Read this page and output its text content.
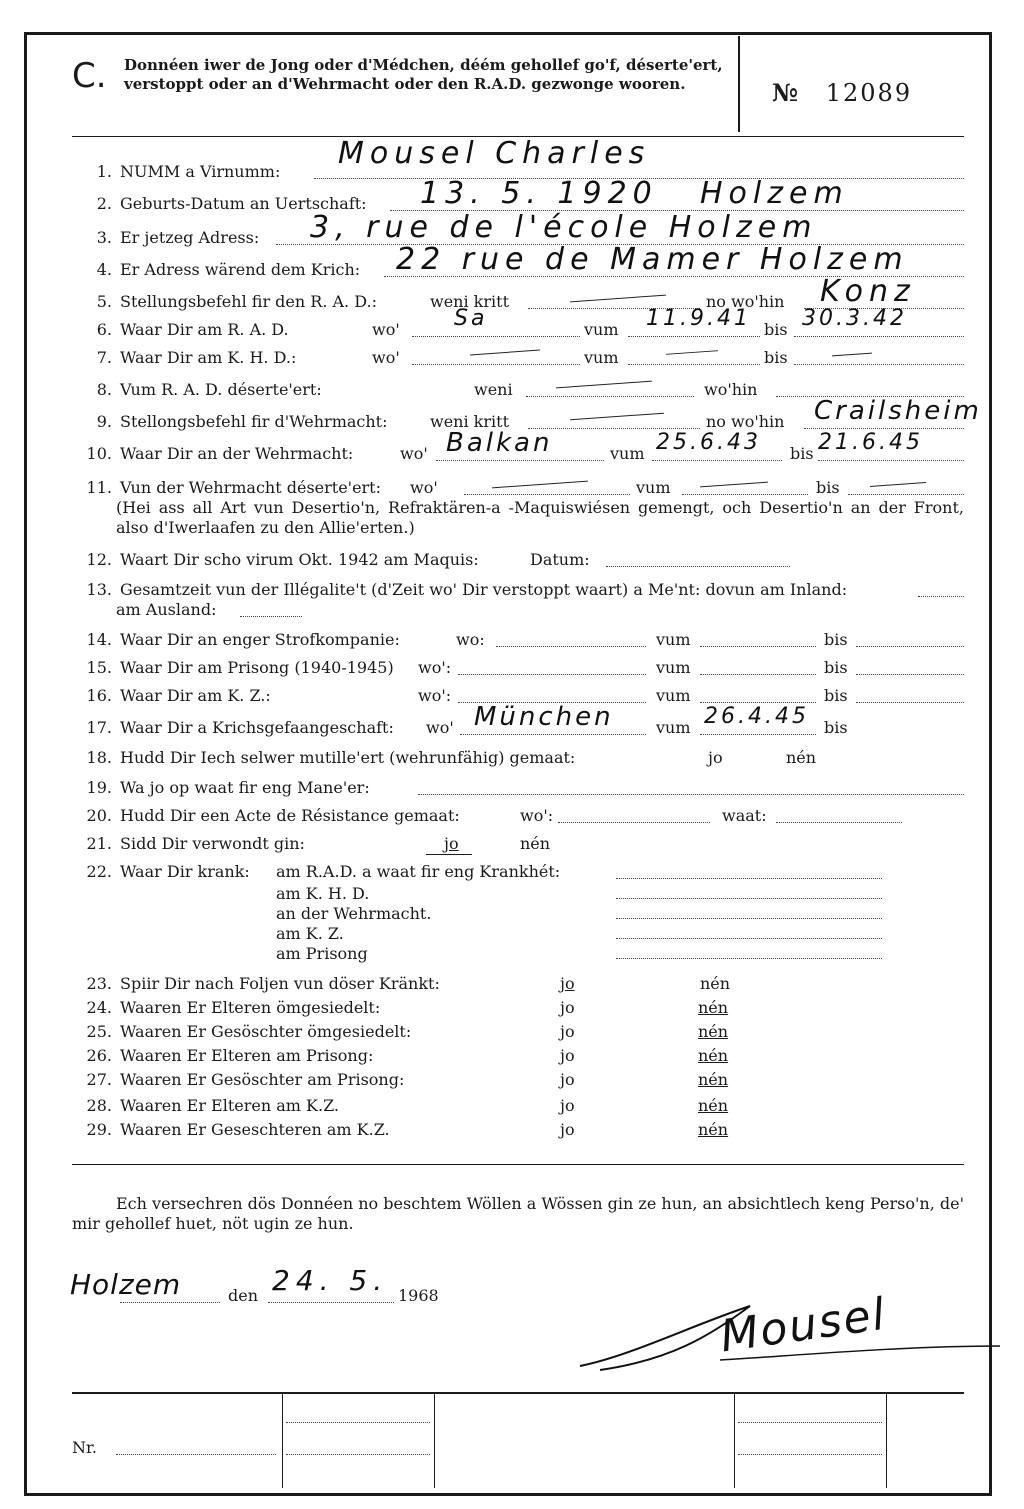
C. Donnéen iwer de Jong oder d'Médchen, déém gehollef go'f, déserte'ert, verstoppt oder an d'Wehrmacht oder den R.A.D. gezwonge wooren.	№ 12089
1. NUMM a Virnumm:
Mousel Charles
2. Geburts-Datum an Uertschaft: 13. 5. 1920 Holzem
3. Er jetzeg Adress: 3, rue de l'école Holzem
4. Er Adress wärend dem Krich: 22 rue de Mamer Holzem
5. Stellungsbefehl fir den R. A. D.:	weni kritt	no wo'hin Konz
6. Waar Dir am R. A. D.	wo' Sa	vum 11.9.41 bis 30.3.42
7. Waar Dir am K. H. D.:	wo'	vum	bis
8. Vum R. A. D. déserte'ert:	weni	wo'hin
9. Stellongsbefehl fir d'Wehrmacht:	weni kritt	no wo'hin Crailsheim
10. Waar Dir an der Wehrmacht:	wo' Balkan	vum 25.6.43 bis 21.6.45
11. Vun der Wehrmacht déserte'ert: wo'	vum	bis
(Hei ass all Art vun Desertio'n, Refraktären-a -Maquiswiésen gemengt, och Desertio'n an der Front, also d'Iwerlaafen zu den Allie'erten.)
12. Waart Dir scho virum Okt. 1942 am Maquis:	Datum:
13. Gesamtzeit vun der Illégalite't (d'Zeit wo' Dir verstoppt waart) a Me'nt: dovun am Inland:
am Ausland:
14. Waar Dir an enger Strofkompanie:	wo:	vum	bis
15. Waar Dir am Prisong (1940-1945) wo':	vum	bis
16. Waar Dir am K. Z.:	wo':	vum	bis
17. Waar Dir a Krichsgefaangeschaft: wo' München	vum 26.4.45 bis
18. Hudd Dir Iech selwer mutille'ert (wehrunfähig) gemaat:	jo	nén
19. Wa jo op waat fir eng Mane'er:
20. Hudd Dir een Acte de Résistance gemaat:	wo':	waat:
21. Sidd Dir verwondt gin:	jo	nén
22. Waar Dir krank: am R.A.D. a waat fir eng Krankhét:
am K. H. D.
an der Wehrmacht.
am K. Z.
am Prisong
23. Spiir Dir nach Foljen vun döser Kränkt:	jo	nén
24. Waaren Er Elteren ömgesiedelt:	jo	nén
25. Waaren Er Gesöschter ömgesiedelt:	jo	nén
26. Waaren Er Elteren am Prisong:	jo	nén
27. Waaren Er Gesöschter am Prisong:	jo	nén
28. Waaren Er Elteren am K.Z.	jo	nén
29. Waaren Er Geseschteren am K.Z.	jo	nén
Ech versechren dös Donnéen no beschtem Wöllen a Wössen gin ze hun, an absichtlech keng Perso'n, de' mir gehollef huet, nöt ugin ze hun.
Holzem	den 24. 5. 1968	Mousel
Nr.
